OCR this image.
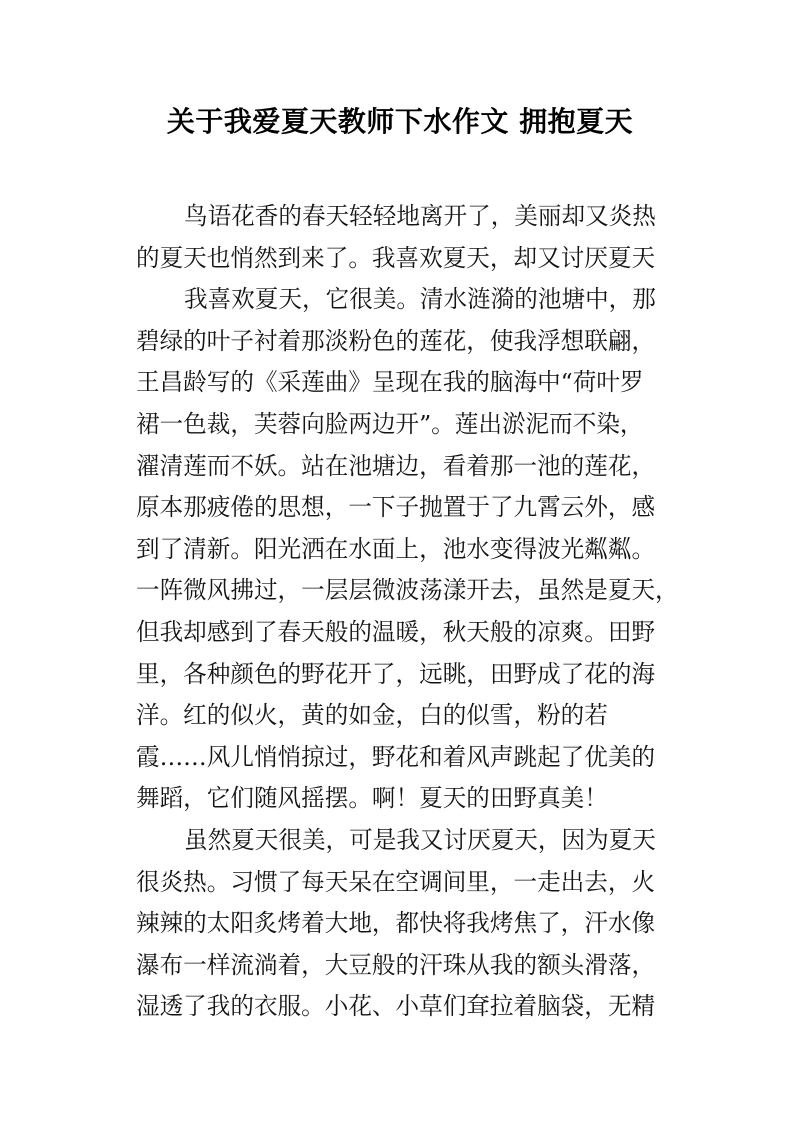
关于我爱夏天教师下水作文 拥抱夏天
鸟语花香的春天轻轻地离开了，美丽却又炎热
的夏天也悄然到来了。我喜欢夏天，却又讨厌夏天
我喜欢夏天，它很美。清水涟漪的池塘中，那
碧绿的叶子衬着那淡粉色的莲花，使我浮想联翩，
王昌龄写的《采莲曲》呈现在我的脑海中“荷叶罗
裙一色裁，芙蓉向脸两边开”。莲出淤泥而不染，
濯清莲而不妖。站在池塘边，看着那一池的莲花，
原本那疲倦的思想，一下子抛置于了九霄云外，感
到了清新。阳光洒在水面上，池水变得波光粼粼。
一阵微风拂过，一层层微波荡漾开去，虽然是夏天，
但我却感到了春天般的温暖，秋天般的凉爽。田野
里，各种颜色的野花开了，远眺，田野成了花的海
洋。红的似火，黄的如金，白的似雪，粉的若
霞……风儿悄悄掠过，野花和着风声跳起了优美的
舞蹈，它们随风摇摆。啊！夏天的田野真美！
虽然夏天很美，可是我又讨厌夏天，因为夏天
很炎热。习惯了每天呆在空调间里，一走出去，火
辣辣的太阳炙烤着大地，都快将我烤焦了，汗水像
瀑布一样流淌着，大豆般的汗珠从我的额头滑落，
湿透了我的衣服。小花、小草们耷拉着脑袋，无精
